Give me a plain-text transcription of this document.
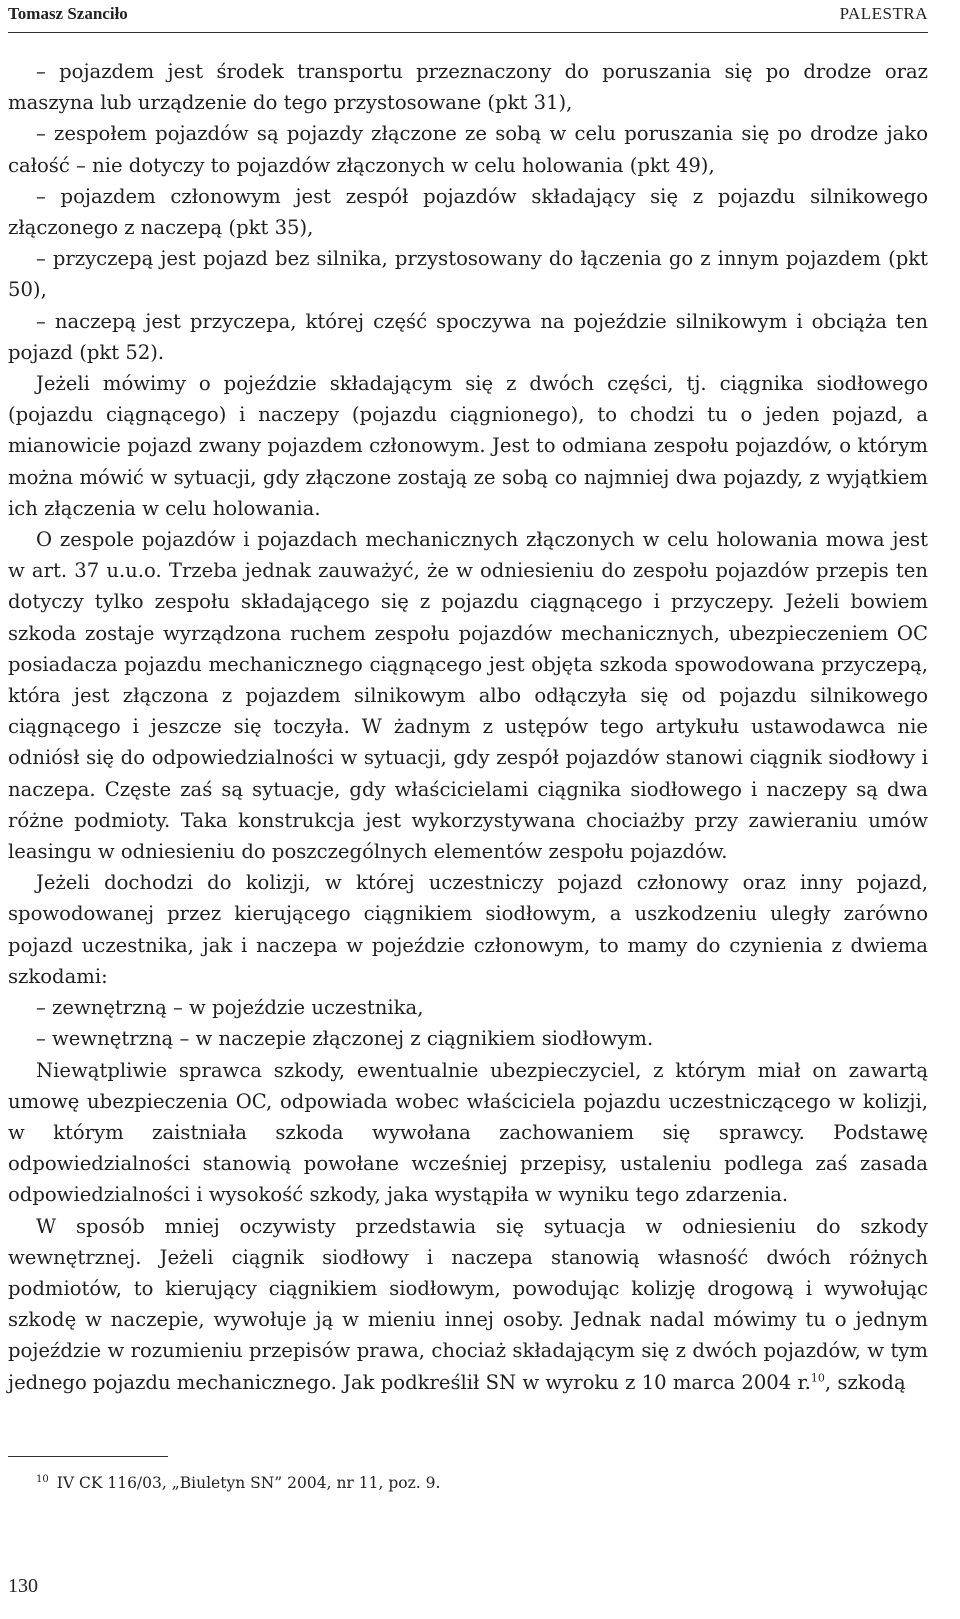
Tomasz Szanciło	PALESTRA

– pojazdem jest środek transportu przeznaczony do poruszania się po drodze oraz maszyna lub urządzenie do tego przystosowane (pkt 31),

– zespołem pojazdów są pojazdy złączone ze sobą w celu poruszania się po drodze jako całość – nie dotyczy to pojazdów złączonych w celu holowania (pkt 49),

– pojazdem członowym jest zespół pojazdów składający się z pojazdu silnikowego złączonego z naczepą (pkt 35),

– przyczepą jest pojazd bez silnika, przystosowany do łączenia go z innym pojazdem (pkt 50),

– naczepą jest przyczepa, której część spoczywa na pojeździe silnikowym i obciąża ten pojazd (pkt 52).

Jeżeli mówimy o pojeździe składającym się z dwóch części, tj. ciągnika siodłowego (pojazdu ciągnącego) i naczepy (pojazdu ciągnionego), to chodzi tu o jeden pojazd, a mianowicie pojazd zwany pojazdem członowym. Jest to odmiana zespołu pojazdów, o którym można mówić w sytuacji, gdy złączone zostają ze sobą co najmniej dwa pojazdy, z wyjątkiem ich złączenia w celu holowania.

O zespole pojazdów i pojazdach mechanicznych złączonych w celu holowania mowa jest w art. 37 u.u.o. Trzeba jednak zauważyć, że w odniesieniu do zespołu pojazdów przepis ten dotyczy tylko zespołu składającego się z pojazdu ciągnącego i przyczepy. Jeżeli bowiem szkoda zostaje wyrządzona ruchem zespołu pojazdów mechanicznych, ubezpieczeniem OC posiadacza pojazdu mechanicznego ciągnącego jest objęta szkoda spowodowana przyczepą, która jest złączona z pojazdem silnikowym albo odłączyła się od pojazdu silnikowego ciągnącego i jeszcze się toczyła. W żadnym z ustępów tego artykułu ustawodawca nie odniósł się do odpowiedzialności w sytuacji, gdy zespół pojazdów stanowi ciągnik siodłowy i naczepa. Częste zaś są sytuacje, gdy właścicielami ciągnika siodłowego i naczepy są dwa różne podmioty. Taka konstrukcja jest wykorzystywana chociażby przy zawieraniu umów leasingu w odniesieniu do poszczególnych elementów zespołu pojazdów.

Jeżeli dochodzi do kolizji, w której uczestniczy pojazd członowy oraz inny pojazd, spowodowanej przez kierującego ciągnikiem siodłowym, a uszkodzeniu uległy zarówno pojazd uczestnika, jak i naczepa w pojeździe członowym, to mamy do czynienia z dwiema szkodami:

– zewnętrzną – w pojeździe uczestnika,

– wewnętrzną – w naczepie złączonej z ciągnikiem siodłowym.

Niewątpliwie sprawca szkody, ewentualnie ubezpieczyciel, z którym miał on zawartą umowę ubezpieczenia OC, odpowiada wobec właściciela pojazdu uczestniczącego w kolizji, w którym zaistniała szkoda wywołana zachowaniem się sprawcy. Podstawę odpowiedzialności stanowią powołane wcześniej przepisy, ustaleniu podlega zaś zasada odpowiedzialności i wysokość szkody, jaka wystąpiła w wyniku tego zdarzenia.

W sposób mniej oczywisty przedstawia się sytuacja w odniesieniu do szkody wewnętrznej. Jeżeli ciągnik siodłowy i naczepa stanowią własność dwóch różnych podmiotów, to kierujący ciągnikiem siodłowym, powodując kolizję drogową i wywołując szkodę w naczepie, wywołuje ją w mieniu innej osoby. Jednak nadal mówimy tu o jednym pojeździe w rozumieniu przepisów prawa, chociaż składającym się z dwóch pojazdów, w tym jednego pojazdu mechanicznego. Jak podkreślił SN w wyroku z 10 marca 2004 r.$^{10}$, szkodą

$^{10}$ IV CK 116/03, „Biuletyn SN” 2004, nr 11, poz. 9.
130
